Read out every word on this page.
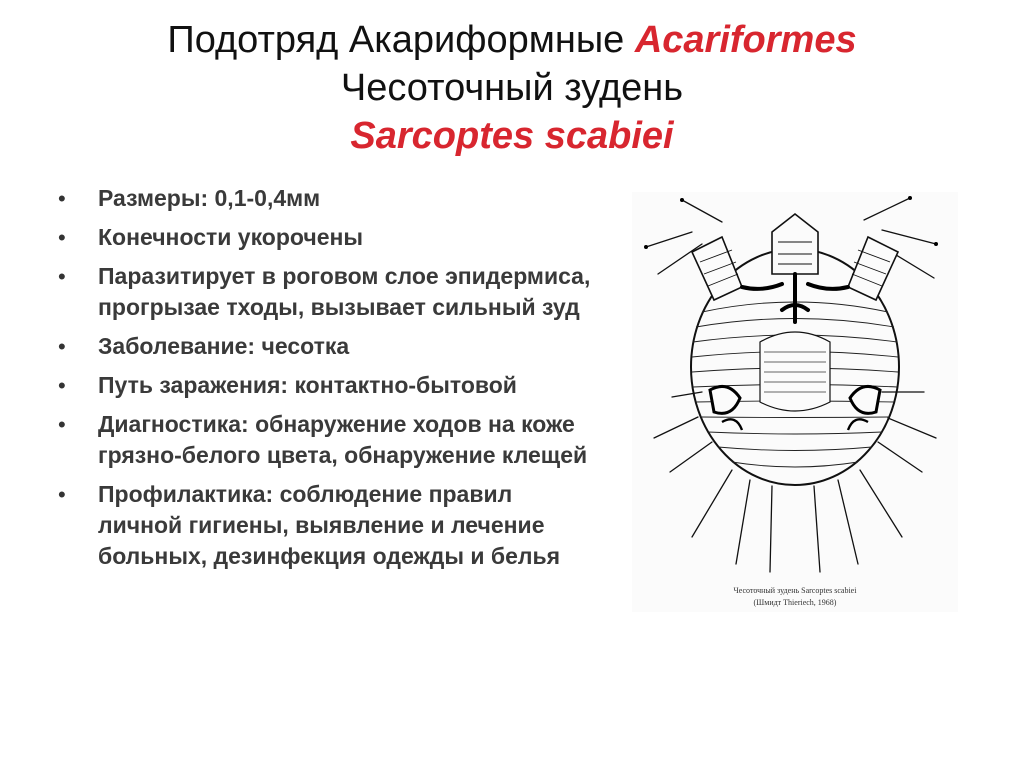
Подотряд Акариформные Acariformes
Чесоточный зудень
Sarcoptes scabiei
• Размеры: 0,1-0,4мм
• Конечности укорочены
• Паразитирует в роговом слое эпидермиса, прогрызае тходы, вызывает сильный зуд
• Заболевание: чесотка
• Путь заражения: контактно-бытовой
• Диагностика: обнаружение ходов на коже грязно-белого цвета, обнаружение клещей
• Профилактика: соблюдение правил личной гигиены, выявление и лечение больных, дезинфекция одежды и белья
Чесоточный зудень Sarcoptes scabiei
(Шмидт Thieriech, 1968)
